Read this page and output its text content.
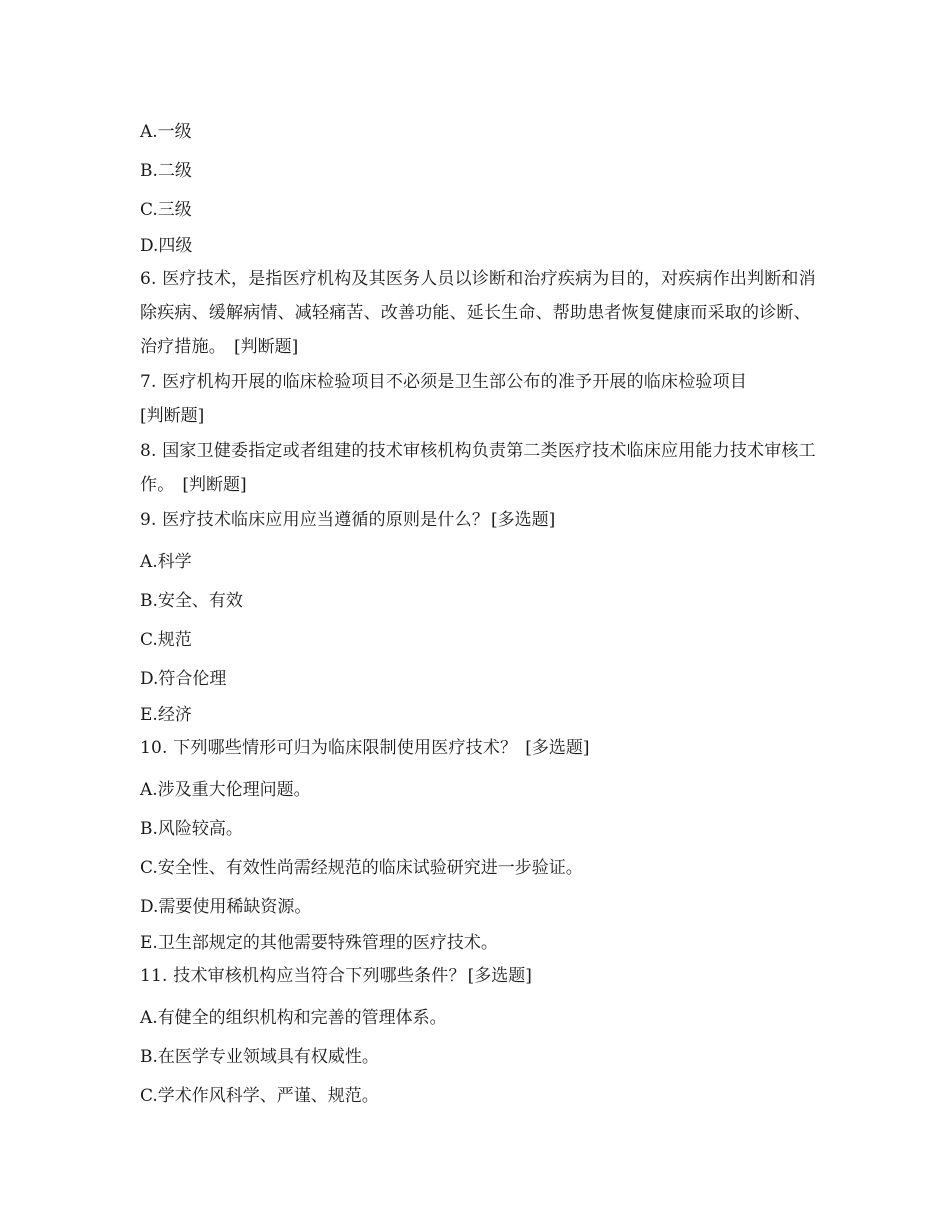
A.一级
B.二级
C.三级
D.四级
6. 医疗技术，是指医疗机构及其医务人员以诊断和治疗疾病为目的，对疾病作出判断和消除疾病、缓解病情、减轻痛苦、改善功能、延长生命、帮助患者恢复健康而采取的诊断、治疗措施。 [判断题]
7. 医疗机构开展的临床检验项目不必须是卫生部公布的准予开展的临床检验项目
[判断题]
8. 国家卫健委指定或者组建的技术审核机构负责第二类医疗技术临床应用能力技术审核工作。 [判断题]
9. 医疗技术临床应用应当遵循的原则是什么？ [多选题]
A.科学
B.安全、有效
C.规范
D.符合伦理
E.经济
10. 下列哪些情形可归为临床限制使用医疗技术？ [多选题]
A.涉及重大伦理问题。
B.风险较高。
C.安全性、有效性尚需经规范的临床试验研究进一步验证。
D.需要使用稀缺资源。
E.卫生部规定的其他需要特殊管理的医疗技术。
11. 技术审核机构应当符合下列哪些条件？ [多选题]
A.有健全的组织机构和完善的管理体系。
B.在医学专业领域具有权威性。
C.学术作风科学、严谨、规范。
